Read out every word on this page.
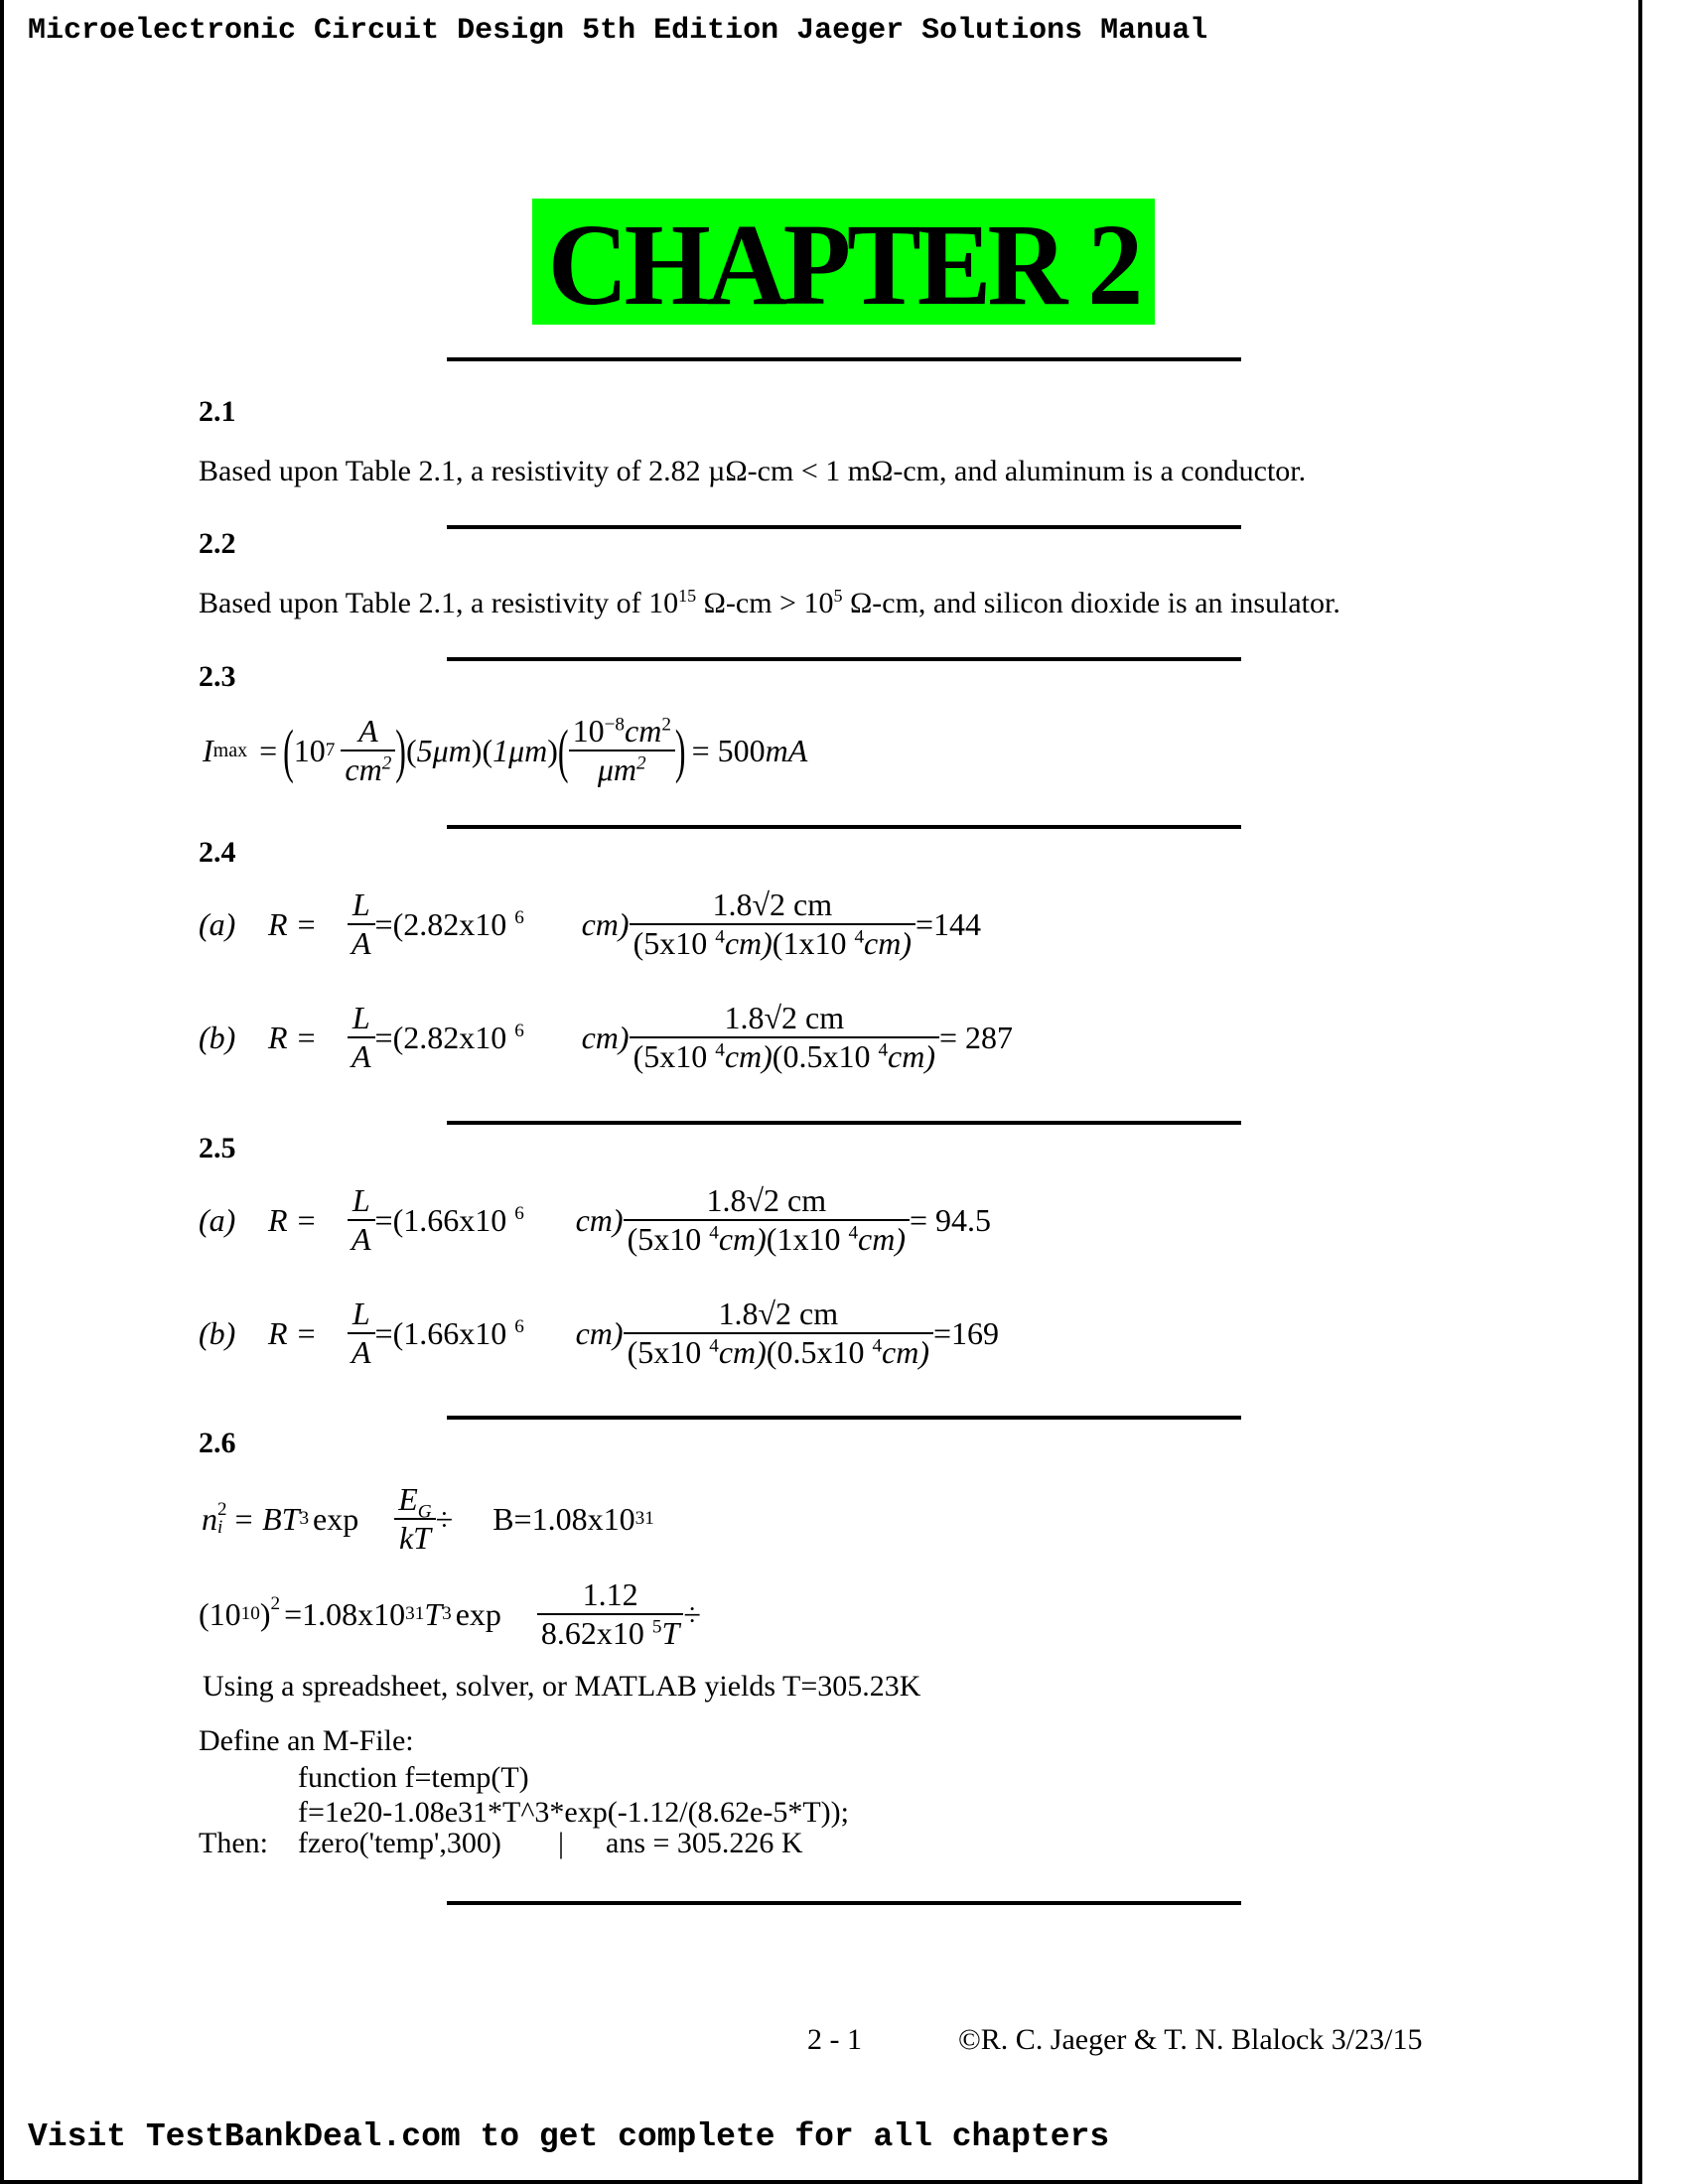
Microelectronic Circuit Design 5th Edition Jaeger Solutions Manual
CHAPTER 2
2.1
Based upon Table 2.1, a resistivity of 2.82 µΩ-cm < 1 mΩ-cm, and aluminum is a conductor.
2.2
Based upon Table 2.1, a resistivity of $10^{15}$ $\Omega-cm > 10^5$ Ω-cm, and silicon dioxide is an insulator.
2.3
I max = ( 10 $7 \frac{A}{cm^2}$ ) ( 5μm ) ( 1μm ) ( $\frac{10^{-8}cm^2}{\mu m^2}$ ) = 500 mA
2.4
(a)	$R = \frac{L}{A} = (2.82x10$ $^6$	$cm) \frac{1.8√2 cm}{(5x10 ^4cm)(1x10 ^4cm)} =144$
(b)	$R = \frac{L}{A} = (2.82x10$ $^6$	$cm) \frac{1.8√2 cm}{(5x10 ^4cm)(0.5x10 ^4cm)} = 287$
2.5
(a)	$R = \frac{L}{A} = (1.66x10$ $^6$	$cm) \frac{1.8√2 cm}{(5x10 ^4cm)(1x10 ^4cm)} = 94.5$
(b)	$R = \frac{L}{A} = (1.66x10$ $^6$	$cm) \frac{1.8√2 cm}{(5x10 ^4cm)(0.5x10 ^4cm)} =169$
2.6
n 2
i = BT 3 $\exp \frac{E_G}{kT} \div B=1.08x10$ 31
(10 10 )$^2$ =1.08x10 31 T 3 $\exp \frac{1.12}{8.62x10 ^5T}$ ÷
Using a spreadsheet, solver, or MATLAB yields T=305.23K
Define an M-File:
function f=temp(T)
f=1e20-1.08e31*T^3*exp(-1.12/(8.62e-5*T));
Then: fzero('temp',300) | ans = 305.226 K
2 - 1	©R. C. Jaeger & T. N. Blalock 3/23/15
Visit TestBankDeal.com to get complete for all chapters
